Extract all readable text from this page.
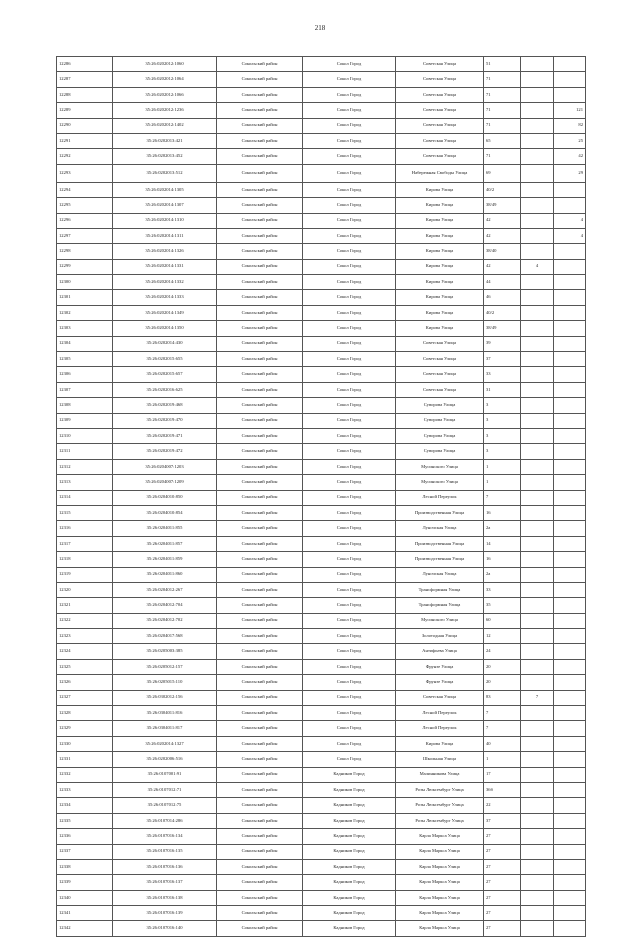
218
12286	35:26:0202012:1060	Сокольский район	Сокол Город	Советская Улица	51		
12287	35:26:0202012:1064	Сокольский район	Сокол Город	Советская Улица	71		
12288	35:26:0202012:1066	Сокольский район	Сокол Город	Советская Улица	71		
12289	35:26:0202012:1236	Сокольский район	Сокол Город	Советская Улица	71		121
12290	35:26:0202012:1402	Сокольский район	Сокол Город	Советская Улица	71		82
12291	35:26:0202013:421	Сокольский район	Сокол Город	Советская Улица	65		25
12292	35:26:0202013:452	Сокольский район	Сокол Город	Советская Улица	71		42
12293	35:26:0202013:512	Сокольский район	Сокол Город	Набережная Свободы Улица	69		29
12294	35:26:0202014:1305	Сокольский район	Сокол Город	Кирова Улица	40/2		
12295	35:26:0202014:1307	Сокольский район	Сокол Город	Кирова Улица	38/49		
12296	35:26:0202014:1310	Сокольский район	Сокол Город	Кирова Улица	42		4
12297	35:26:0202014:1311	Сокольский район	Сокол Город	Кирова Улица	42		4
12298	35:26:0202014:1326	Сокольский район	Сокол Город	Кирова Улица	38/40		
12299	35:26:0202014:1331	Сокольский район	Сокол Город	Кирова Улица	42	4	
12300	35:26:0202014:1332	Сокольский район	Сокол Город	Кирова Улица	44		
12301	35:26:0202014:1333	Сокольский район	Сокол Город	Кирова Улица	46		
12302	35:26:0202014:1349	Сокольский район	Сокол Город	Кирова Улица	40/2		
12303	35:26:0202014:1350	Сокольский район	Сокол Город	Кирова Улица	38/49		
12304	35:26:0202014:430	Сокольский район	Сокол Город	Советская Улица	39		
12305	35:26:0202015:655	Сокольский район	Сокол Город	Советская Улица	37		
12306	35:26:0202015:657	Сокольский район	Сокол Город	Советская Улица	33		
12307	35:26:0202016:625	Сокольский район	Сокол Город	Советская Улица	31		
12308	35:26:0202019:468	Сокольский район	Сокол Город	Суворова Улица	3		
12309	35:26:0202019:470	Сокольский район	Сокол Город	Суворова Улица	3		
12310	35:26:0202019:471	Сокольский район	Сокол Город	Суворова Улица	3		
12311	35:26:0202019:472	Сокольский район	Сокол Город	Суворова Улица	3		
12312	35:26:0204007:1203	Сокольский район	Сокол Город	Мусинского Улица	1		
12313	35:26:0204007:1209	Сокольский район	Сокол Город	Мусинского Улица	1		
12314	35:26:0204010:850	Сокольский район	Сокол Город	Лесной Переулок	7		
12315	35:26:0204010:854	Сокольский район	Сокол Город	Производственная Улица	16		
12316	35:26:0204011:855	Сокольский район	Сокол Город	Луночская Улица	2а		
12317	35:26:0204011:857	Сокольский район	Сокол Город	Производственная Улица	14		
12318	35:26:0204011:859	Сокольский район	Сокол Город	Производственная Улица	16		
12319	35:26:0204011:860	Сокольский район	Сокол Город	Луночская Улица	2а		
12320	35:26:0204012:267	Сокольский район	Сокол Город	Трансформная Улица	33		
12321	35:26:0204012:704	Сокольский район	Сокол Город	Трансформная Улица	35		
12322	35:26:0204012:702	Сокольский район	Сокол Город	Мусинского Улица	60		
12323	35:26:0204017:568	Сокольский район	Сокол Город	Золотодная Улица	12		
12324	35:26:0205003:385	Сокольский район	Сокол Город	Антифьева Улица	24		
12325	35:26:0205012:157	Сокольский район	Сокол Город	Фрунзе Улица	20		
12326	35:26:0205015:110	Сокольский район	Сокол Город	Фрунзе Улица	20		
12327	35:26:0302012:156	Сокольский район	Сокол Город	Советская Улица	83	7	
12328	35:26:0304011:816	Сокольский район	Сокол Город	Лесной Переулок	7		
12329	35:26:0304011:817	Сокольский район	Сокол Город	Лесной Переулок	7		
12330	35:26:0202014:1327	Сокольский район	Сокол Город	Кирова Улица	40		
12331	35:26:0202006:516	Сокольский район	Сокол Город	Школьная Улица	1		
12332	35:26:0107001:91	Сокольский район	Кадников Город	Малинникова Улица	17		
12333	35:26:0107012:71	Сокольский район	Кадников Город	Розы Люксембург Улица	36б		
12334	35:26:0107012:75	Сокольский район	Кадников Город	Розы Люксембург Улица	22		
12335	35:26:0107014:286	Сокольский район	Кадников Город	Розы Люксембург Улица	37		
12336	35:26:0107016:134	Сокольский район	Кадников Город	Карла Маркса Улица	27		
12337	35:26:0107016:135	Сокольский район	Кадников Город	Карла Маркса Улица	27		
12338	35:26:0107016:136	Сокольский район	Кадников Город	Карла Маркса Улица	27		
12339	35:26:0107016:137	Сокольский район	Кадников Город	Карла Маркса Улица	27		
12340	35:26:0107016:138	Сокольский район	Кадников Город	Карла Маркса Улица	27		
12341	35:26:0107016:139	Сокольский район	Кадников Город	Карла Маркса Улица	27		
12342	35:26:0107016:140	Сокольский район	Кадников Город	Карла Маркса Улица	27		
